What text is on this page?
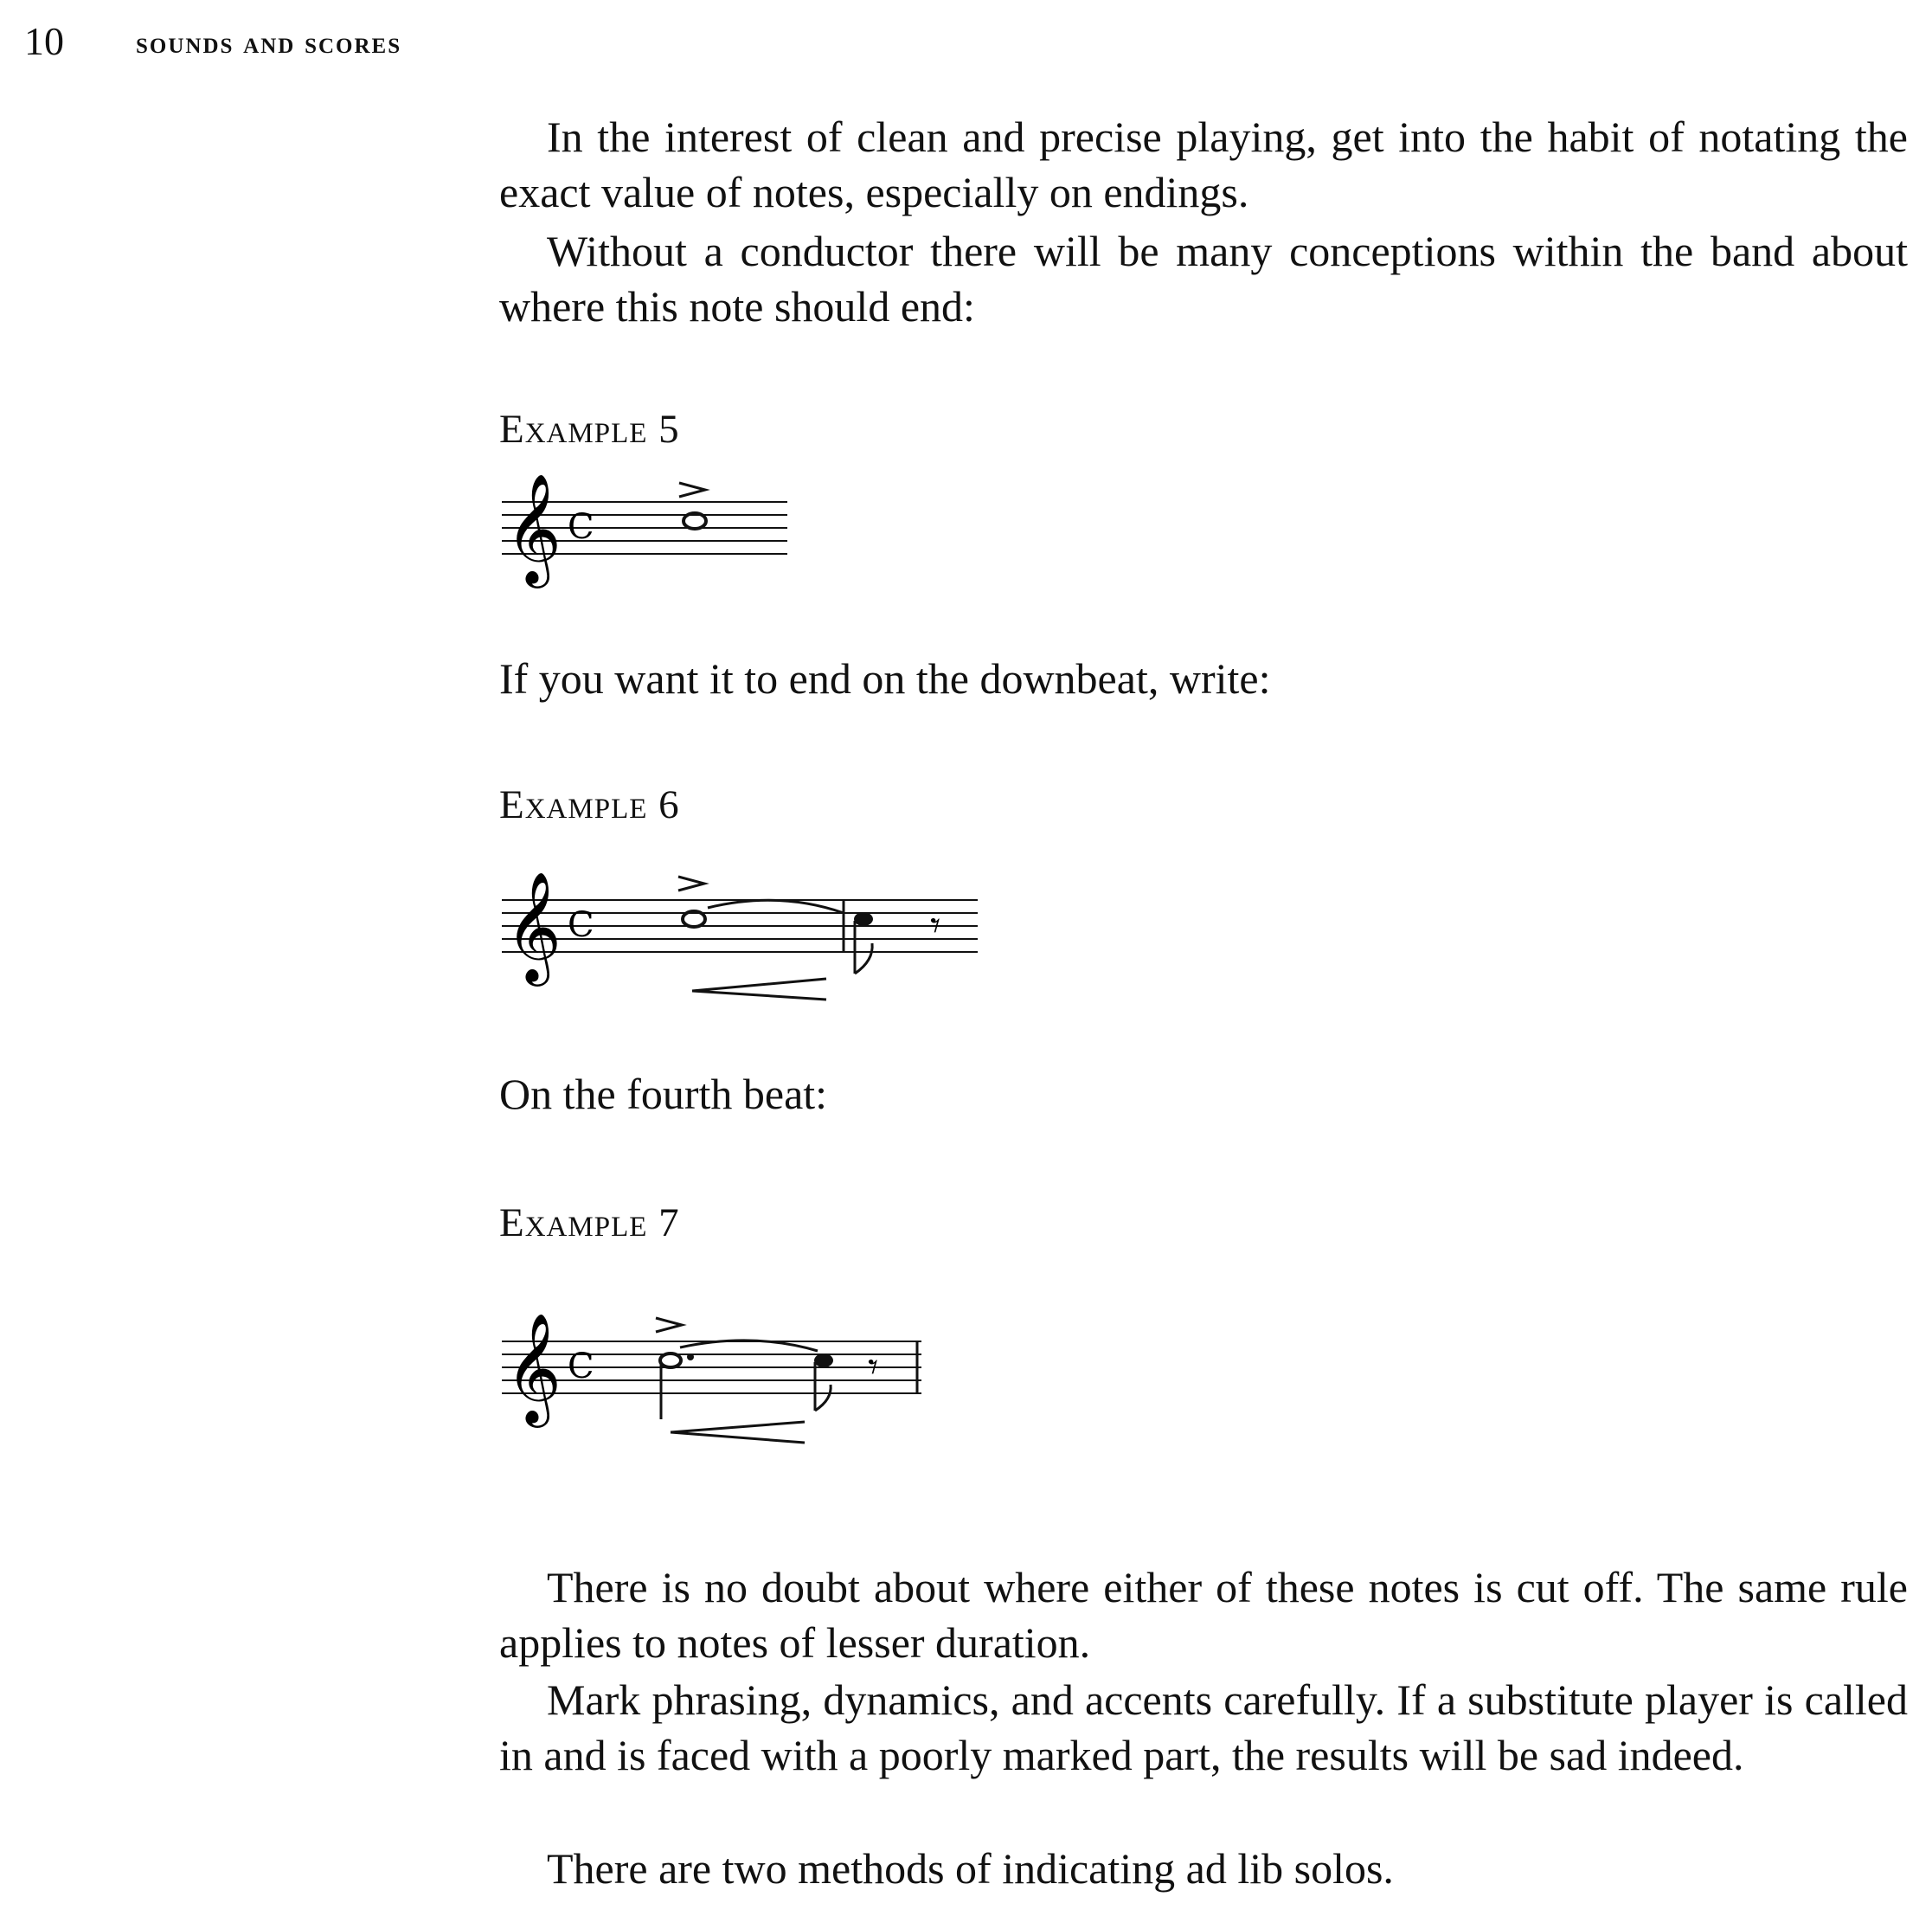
10 sounds and scores

In the interest of clean and precise playing, get into the habit of notating the exact value of notes, especially on endings.

Without a conductor there will be many conceptions within the band about where this note should end:

Example 5
𝄞 C

If you want it to end on the downbeat, write:

Example 6
𝄞 C	𝄾

On the fourth beat:

Example 7
𝄞 C	𝄾

There is no doubt about where either of these notes is cut off. The same rule applies to notes of lesser duration.

Mark phrasing, dynamics, and accents carefully. If a substitute player is called in and is faced with a poorly marked part, the results will be sad indeed.

There are two methods of indicating ad lib solos.
